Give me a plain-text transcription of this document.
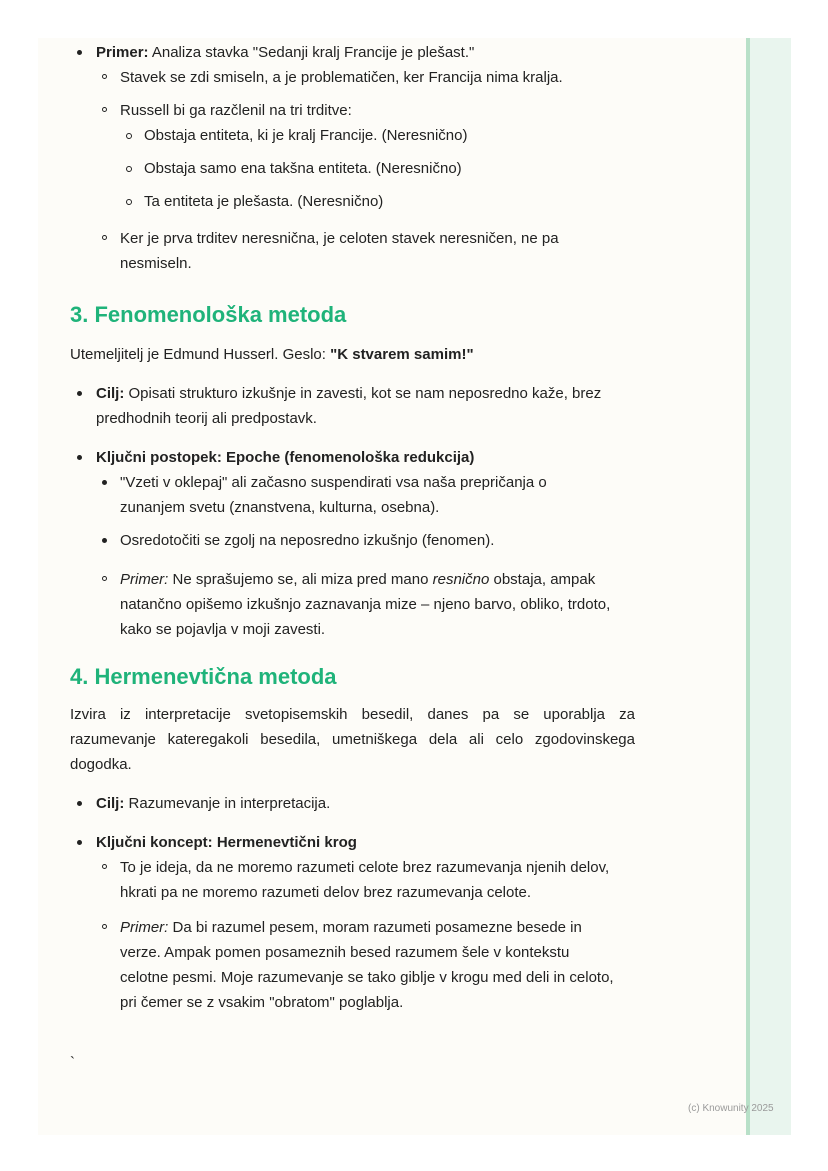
Primer: Analiza stavka "Sedanji kralj Francije je plešast."
Stavek se zdi smiseln, a je problematičen, ker Francija nima kralja.
Russell bi ga razčlenil na tri trditve:
Obstaja entiteta, ki je kralj Francije. (Neresnično)
Obstaja samo ena takšna entiteta. (Neresnično)
Ta entiteta je plešasta. (Neresnično)
Ker je prva trditev neresnična, je celoten stavek neresničen, ne pa nesmiseln.
3. Fenomenološka metoda

Utemeljitelj je Edmund Husserl. Geslo: "K stvarem samim!"

Cilj: Opisati strukturo izkušnje in zavesti, kot se nam neposredno kaže, brez predhodnih teorij ali predpostavk.
Ključni postopek: Epoche (fenomenološka redukcija)
"Vzeti v oklepaj" ali začasno suspendirati vsa naša prepričanja o zunanjem svetu (znanstvena, kulturna, osebna).
Osredotočiti se zgolj na neposredno izkušnjo (fenomen).
Primer: Ne sprašujemo se, ali miza pred mano resnično obstaja, ampak natančno opišemo izkušnjo zaznavanja mize – njeno barvo, obliko, trdoto, kako se pojavlja v moji zavesti.
4. Hermenevtična metoda

Izvira iz interpretacije svetopisemskih besedil, danes pa se uporablja za razumevanje kateregakoli besedila, umetniškega dela ali celo zgodovinskega dogodka.

Cilj: Razumevanje in interpretacija.
Ključni koncept: Hermenevtični krog
To je ideja, da ne moremo razumeti celote brez razumevanja njenih delov, hkrati pa ne moremo razumeti delov brez razumevanja celote.
Primer: Da bi razumel pesem, moram razumeti posamezne besede in verze. Ampak pomen posameznih besed razumem šele v kontekstu celotne pesmi. Moje razumevanje se tako giblje v krogu med deli in celoto, pri čemer se z vsakim "obratom" poglablja.
`
(c) Knowunity 2025
